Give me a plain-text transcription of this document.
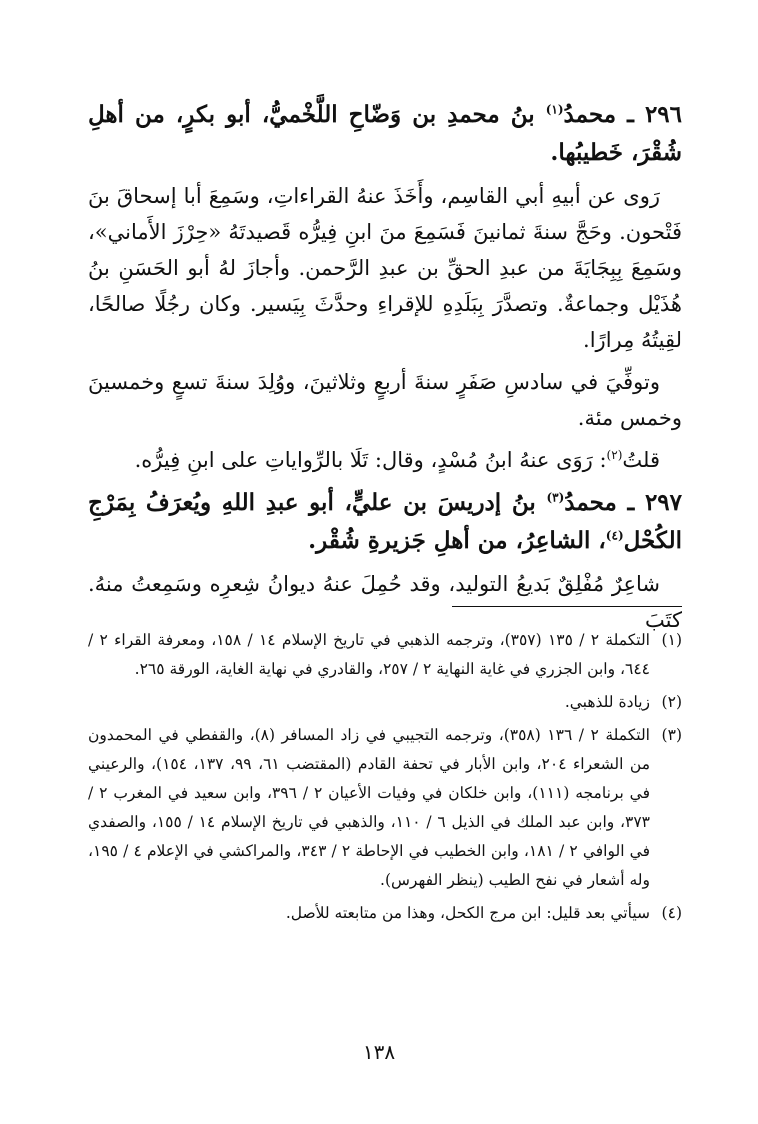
٢٩٦ ـ محمدُ$^{(١)}$ بنُ محمدِ بن وَضّاحِ اللَّخْميُّ، أبو بكرٍ، من أهلِ شُقْرَ، خَطيبُها.

رَوى عن أبيهِ أبي القاسِم، وأَخَذَ عنهُ القراءاتِ، وسَمِعَ أبا إسحاقَ بنَ فَتْحون. وحَجَّ سنةَ ثمانينَ فَسَمِعَ منَ ابنِ فِيرُّه قَصيدتَهُ «حِرْزَ الأَماني»، وسَمِعَ بِبِجَايَةَ من عبدِ الحقِّ بن عبدِ الرَّحمن. وأجازَ لهُ أبو الحَسَنِ بنُ هُذَيْل وجماعةٌ. وتصدَّرَ بِبَلَدِهِ للإقراءِ وحدَّثَ بِيَسير. وكان رجُلًا صالحًا، لقِيتُهُ مِرارًا.

وتوفِّيَ في سادسِ صَفَرٍ سنةَ أربعٍ وثلاثينَ، ووُلِدَ سنةَ تسعٍ وخمسينَ وخمس مئة.

قلتُ$^{(٢)}$: رَوَى عنهُ ابنُ مُسْدٍ، وقال: تَلَا بالرِّواياتِ على ابنِ فِيرُّه.

٢٩٧ ـ محمدُ$^{(٣)}$ بنُ إدريسَ بن عليٍّ، أبو عبدِ اللهِ ويُعرَفُ بِمَرْجِ الكُحْل$^{(٤)}$، الشاعِرُ، من أهلِ جَزيرةِ شُقْر.

شاعِرٌ مُفْلِقٌ بَديعُ التوليد، وقد حُمِلَ عنهُ ديوانُ شِعرِه وسَمِعتُ منهُ. كتَبَ

(١)
التكملة ٢ / ١٣٥ (٣٥٧)، وترجمه الذهبي في تاريخ الإسلام ١٤ / ١٥٨، ومعرفة القراء ٢ / ٦٤٤، وابن الجزري في غاية النهاية ٢ / ٢٥٧، والقادري في نهاية الغاية، الورقة ٢٦٥.
(٢)
زيادة للذهبي.
(٣)
التكملة ٢ / ١٣٦ (٣٥٨)، وترجمه التجيبي في زاد المسافر (٨)، والقفطي في المحمدون من الشعراء ٢٠٤، وابن الأبار في تحفة القادم (المقتضب ٦١، ٩٩، ١٣٧، ١٥٤)، والرعيني في برنامجه (١١١)، وابن خلكان في وفيات الأعيان ٢ / ٣٩٦، وابن سعيد في المغرب ٢ / ٣٧٣، وابن عبد الملك في الذيل ٦ / ١١٠، والذهبي في تاريخ الإسلام ١٤ / ١٥٥، والصفدي في الوافي ٢ / ١٨١، وابن الخطيب في الإحاطة ٢ / ٣٤٣، والمراكشي في الإعلام ٤ / ١٩٥، وله أشعار في نفح الطيب (ينظر الفهرس).
(٤)
سيأتي بعد قليل: ابن مرج الكحل، وهذا من متابعته للأصل.
١٣٨
